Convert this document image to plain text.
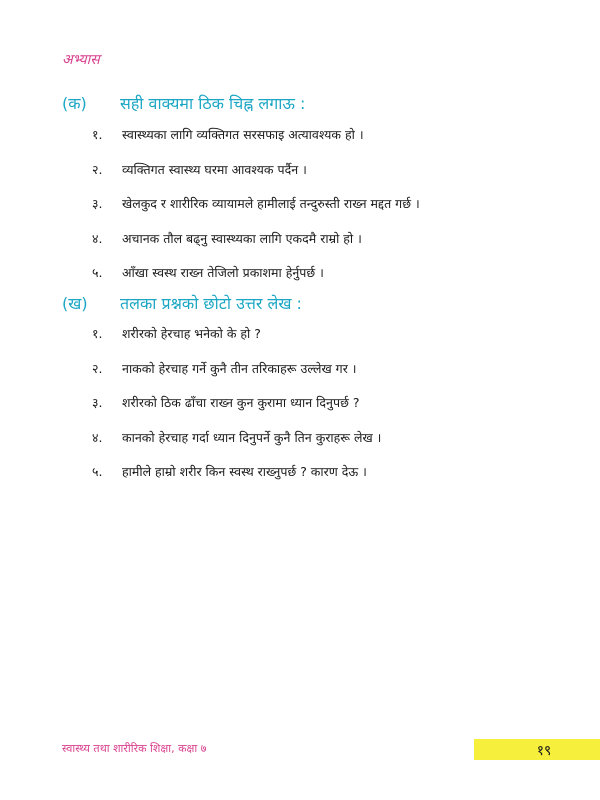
अभ्यास
(क)	सही वाक्यमा ठिक चिह्न लगाऊ :
१.	स्वास्थ्यका लागि व्यक्तिगत सरसफाइ अत्यावश्यक हो ।
२.	व्यक्तिगत स्वास्थ्य घरमा आवश्यक पर्दैन ।
३.	खेलकुद र शारीरिक व्यायामले हामीलाई तन्दुरुस्ती राख्न मद्दत गर्छ ।
४.	अचानक तौल बढ्नु स्वास्थ्यका लागि एकदमै राम्रो हो ।
५.	आँखा स्वस्थ राख्न तेजिलो प्रकाशमा हेर्नुपर्छ ।
(ख)	तलका प्रश्नको छोटो उत्तर लेख :
१.	शरीरको हेरचाह भनेको के हो ?
२.	नाकको हेरचाह गर्ने कुनै तीन तरिकाहरू उल्लेख गर ।
३.	शरीरको ठिक ढाँचा राख्न कुन कुरामा ध्यान दिनुपर्छ ?
४.	कानको हेरचाह गर्दा ध्यान दिनुपर्ने कुनै तिन कुराहरू लेख ।
५.	हामीले हाम्रो शरीर किन स्वस्थ राख्नुपर्छ ? कारण देऊ ।
स्वास्थ्य तथा शारीरिक शिक्षा, कक्षा ७	१९
